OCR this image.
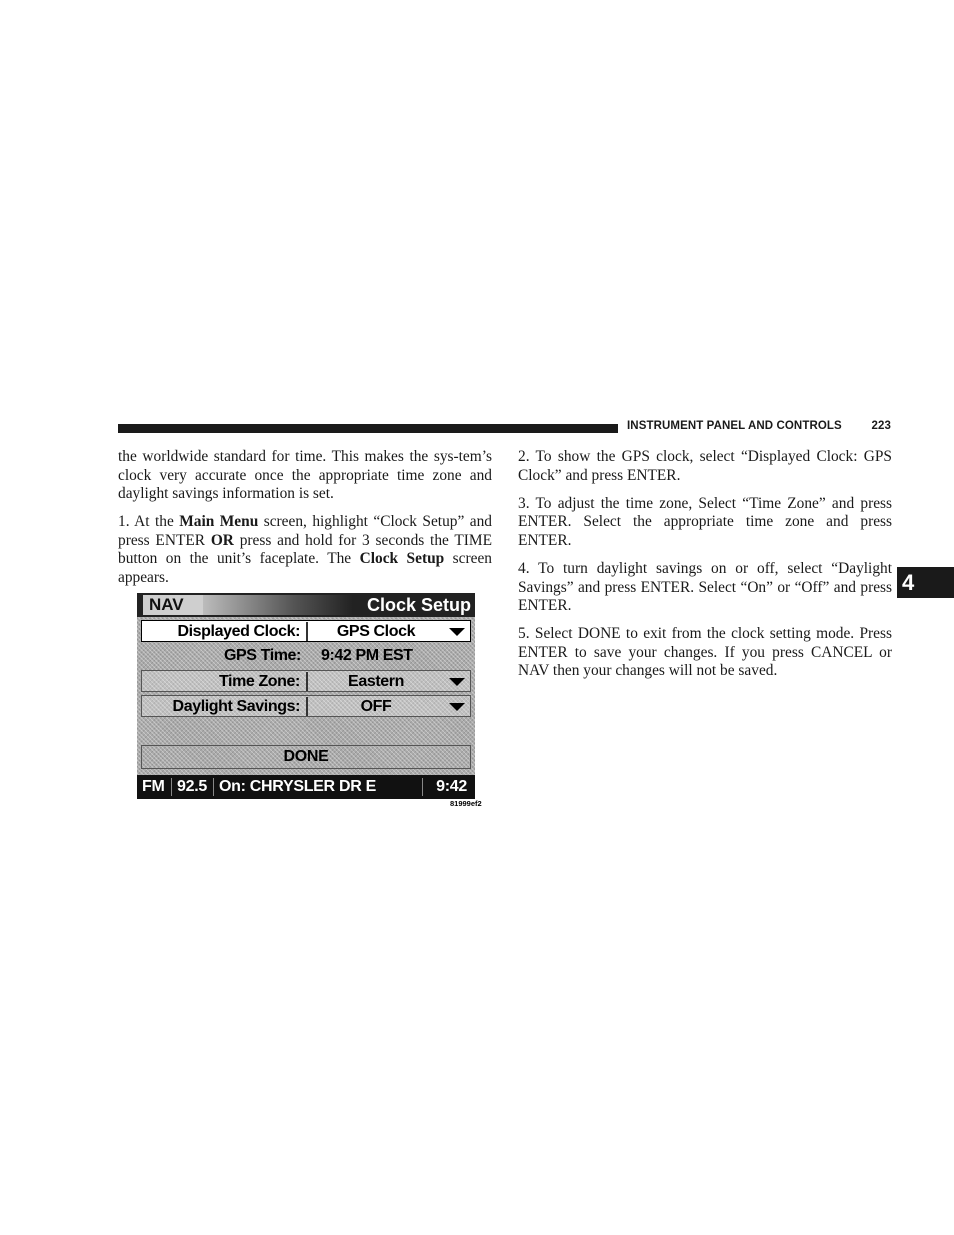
INSTRUMENT PANEL AND CONTROLS	223
4

the worldwide standard for time. This makes the sys-tem’s clock very accurate once the appropriate time zone and daylight savings information is set.

1. At the Main Menu screen, highlight “Clock Setup” and press ENTER OR press and hold for 3 seconds the TIME button on the unit’s faceplate. The Clock Setup screen appears.

NAV	Clock Setup
Displayed Clock:	GPS Clock
GPS Time: 9:42 PM EST
Time Zone:	Eastern
Daylight Savings:	OFF
DONE
FM 92.5 On: CHRYSLER DR E	9:42
81999ef2

2. To show the GPS clock, select “Displayed Clock: GPS Clock” and press ENTER.

3. To adjust the time zone, Select “Time Zone” and press ENTER. Select the appropriate time zone and press ENTER.

4. To turn daylight savings on or off, select “Daylight Savings” and press ENTER. Select “On” or “Off” and press ENTER.

5. Select DONE to exit from the clock setting mode. Press ENTER to save your changes. If you press CANCEL or NAV then your changes will not be saved.
